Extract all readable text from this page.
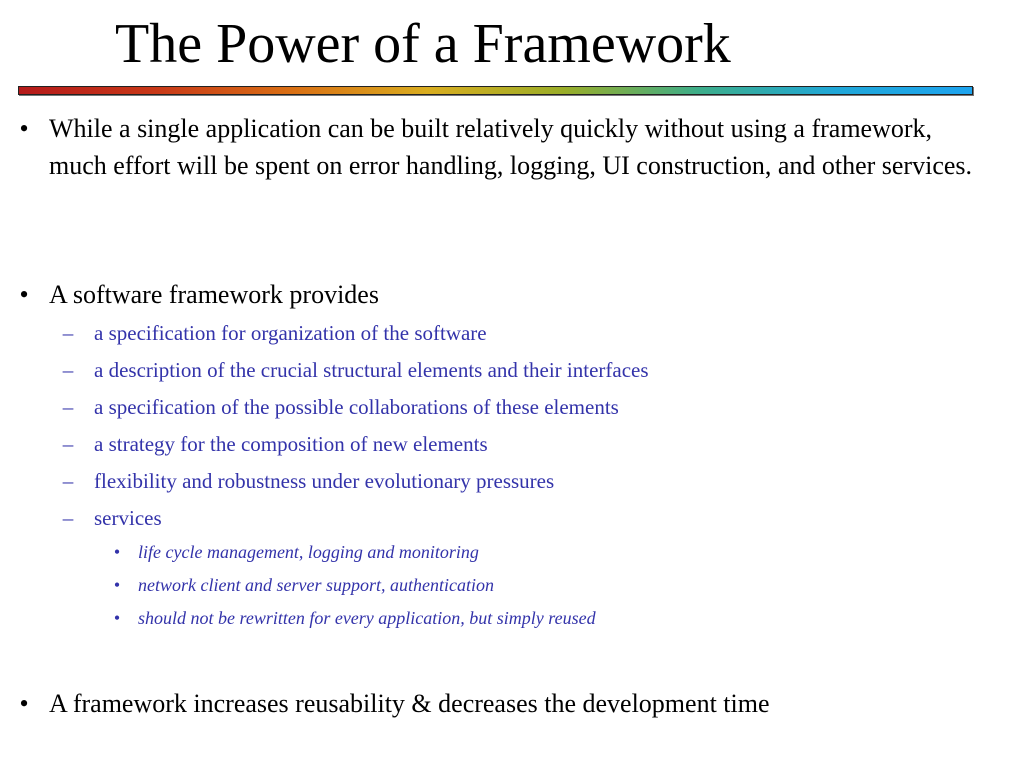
The Power of a Framework
• While a single application can be built relatively quickly without using a framework, much effort will be spent on error handling, logging, UI construction, and other services.
• A software framework provides
– a specification for organization of the software
– a description of the crucial structural elements and their interfaces
– a specification of the possible collaborations of these elements
– a strategy for the composition of new elements
– flexibility and robustness under evolutionary pressures
– services
• life cycle management, logging and monitoring
• network client and server support, authentication
• should not be rewritten for every application, but simply reused
• A framework increases reusability & decreases the development time
